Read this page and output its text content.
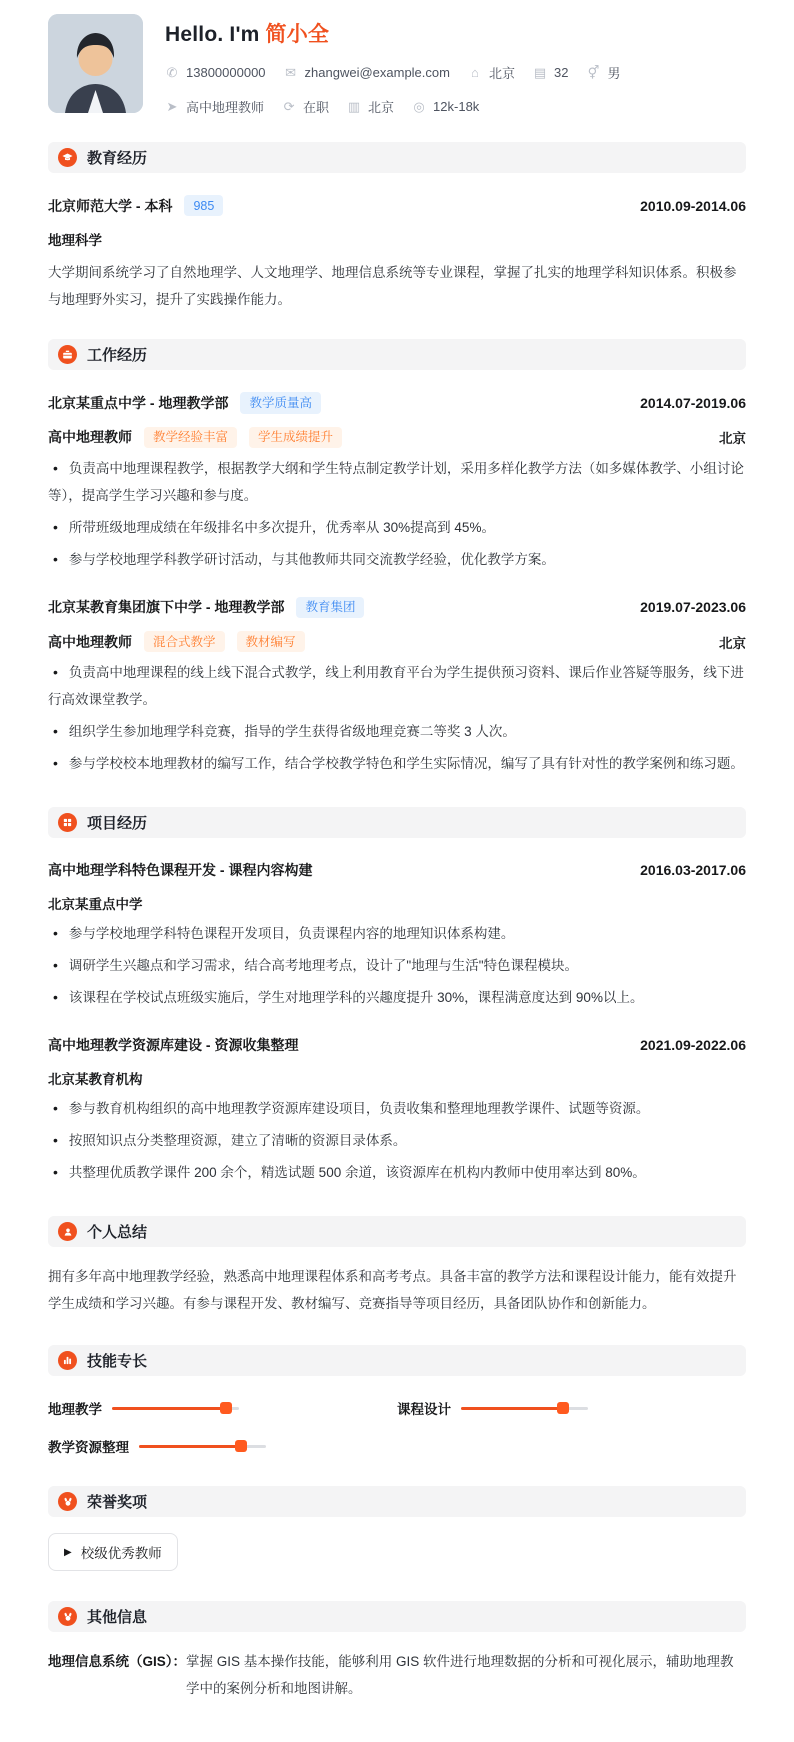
Hello. I'm 简小全
✆ 13800000000 ✉ zhangwei@example.com ⌂ 北京 ▤ 32 ⚥ 男
➤ 高中地理教师 ⟳ 在职 ▥ 北京 ◎ 12k-18k
教育经历
北京师范大学 - 本科	985	2010.09-2014.06
地理科学

大学期间系统学习了自然地理学、人文地理学、地理信息系统等专业课程，掌握了扎实的地理学科知识体系。积极参与地理野外实习，提升了实践操作能力。

工作经历
北京某重点中学 - 地理教学部	教学质量高	2014.07-2019.06
高中地理教师	教学经验丰富	学生成绩提升	北京

• 负责高中地理课程教学，根据教学大纲和学生特点制定教学计划，采用多样化教学方法（如多媒体教学、小组讨论等），提高学生学习兴趣和参与度。

• 所带班级地理成绩在年级排名中多次提升，优秀率从 30%提高到 45%。

• 参与学校地理学科教学研讨活动，与其他教师共同交流教学经验，优化教学方案。

北京某教育集团旗下中学 - 地理教学部	教育集团	2019.07-2023.06
高中地理教师	混合式教学	教材编写	北京

• 负责高中地理课程的线上线下混合式教学，线上利用教育平台为学生提供预习资料、课后作业答疑等服务，线下进行高效课堂教学。

• 组织学生参加地理学科竞赛，指导的学生获得省级地理竞赛二等奖 3 人次。

• 参与学校校本地理教材的编写工作，结合学校教学特色和学生实际情况，编写了具有针对性的教学案例和练习题。

项目经历
高中地理学科特色课程开发 - 课程内容构建	2016.03-2017.06
北京某重点中学

• 参与学校地理学科特色课程开发项目，负责课程内容的地理知识体系构建。

• 调研学生兴趣点和学习需求，结合高考地理考点，设计了"地理与生活"特色课程模块。

• 该课程在学校试点班级实施后，学生对地理学科的兴趣度提升 30%，课程满意度达到 90%以上。

高中地理教学资源库建设 - 资源收集整理	2021.09-2022.06
北京某教育机构

• 参与教育机构组织的高中地理教学资源库建设项目，负责收集和整理地理教学课件、试题等资源。

• 按照知识点分类整理资源，建立了清晰的资源目录体系。

• 共整理优质教学课件 200 余个，精选试题 500 余道，该资源库在机构内教师中使用率达到 80%。

个人总结

拥有多年高中地理教学经验，熟悉高中地理课程体系和高考考点。具备丰富的教学方法和课程设计能力，能有效提升学生成绩和学习兴趣。有参与课程开发、教材编写、竞赛指导等项目经历，具备团队协作和创新能力。

技能专长
地理教学	课程设计
教学资源整理
荣誉奖项
▶ 校级优秀教师
其他信息
地理信息系统（GIS）： 掌握 GIS 基本操作技能，能够利用 GIS 软件进行地理数据的分析和可视化展示，辅助地理教学中的案例分析和地图讲解。
